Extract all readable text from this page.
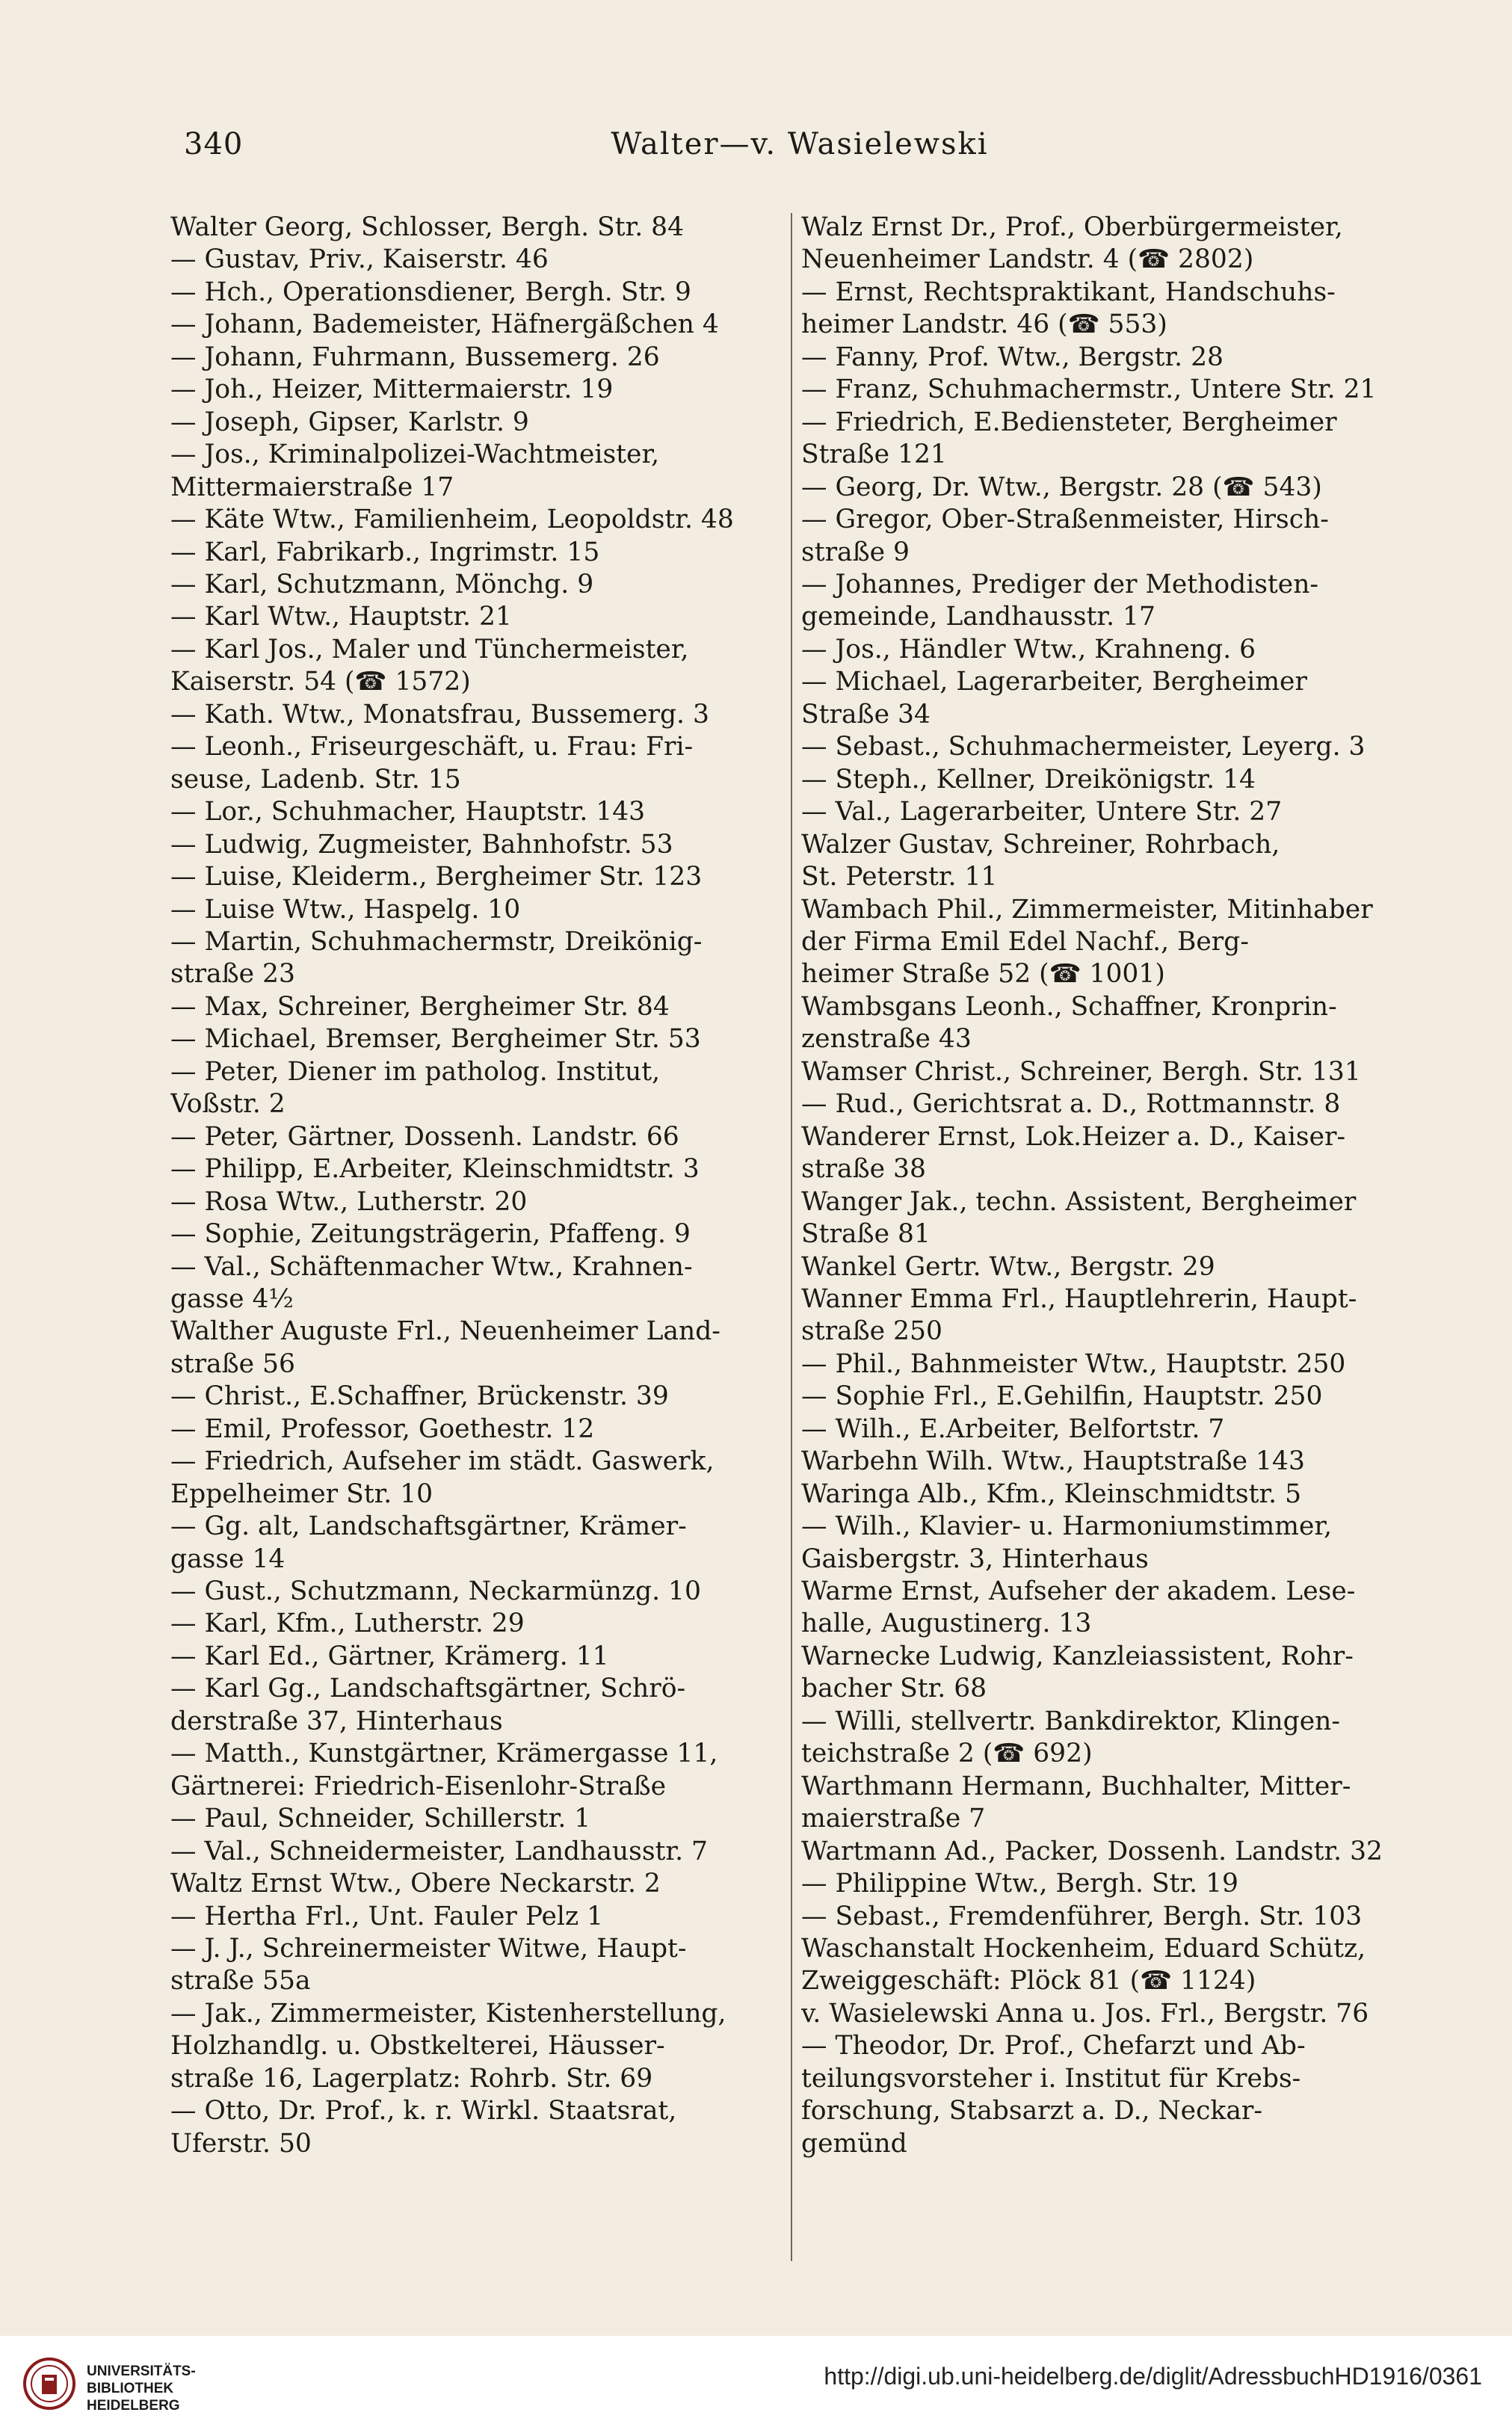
340	Walter—v. Wasielewski
Walter Georg, Schlosser, Bergh. Str. 84
— Gustav, Priv., Kaiserstr. 46
— Hch., Operationsdiener, Bergh. Str. 9
— Johann, Bademeister, Häfnergäßchen 4
— Johann, Fuhrmann, Bussemerg. 26
— Joh., Heizer, Mittermaierstr. 19
— Joseph, Gipser, Karlstr. 9
— Jos., Kriminalpolizei-Wachtmeister,
Mittermaierstraße 17
— Käte Wtw., Familienheim, Leopoldstr. 48
— Karl, Fabrikarb., Ingrimstr. 15
— Karl, Schutzmann, Mönchg. 9
— Karl Wtw., Hauptstr. 21
— Karl Jos., Maler und Tünchermeister,
Kaiserstr. 54 (☎ 1572)
— Kath. Wtw., Monatsfrau, Bussemerg. 3
— Leonh., Friseurgeschäft, u. Frau: Fri-
seuse, Ladenb. Str. 15
— Lor., Schuhmacher, Hauptstr. 143
— Ludwig, Zugmeister, Bahnhofstr. 53
— Luise, Kleiderm., Bergheimer Str. 123
— Luise Wtw., Haspelg. 10
— Martin, Schuhmachermstr, Dreikönig-
straße 23
— Max, Schreiner, Bergheimer Str. 84
— Michael, Bremser, Bergheimer Str. 53
— Peter, Diener im patholog. Institut,
Voßstr. 2
— Peter, Gärtner, Dossenh. Landstr. 66
— Philipp, E.Arbeiter, Kleinschmidtstr. 3
— Rosa Wtw., Lutherstr. 20
— Sophie, Zeitungsträgerin, Pfaffeng. 9
— Val., Schäftenmacher Wtw., Krahnen-
gasse 4½
Walther Auguste Frl., Neuenheimer Land-
straße 56
— Christ., E.Schaffner, Brückenstr. 39
— Emil, Professor, Goethestr. 12
— Friedrich, Aufseher im städt. Gaswerk,
Eppelheimer Str. 10
— Gg. alt, Landschaftsgärtner, Krämer-
gasse 14
— Gust., Schutzmann, Neckarmünzg. 10
— Karl, Kfm., Lutherstr. 29
— Karl Ed., Gärtner, Krämerg. 11
— Karl Gg., Landschaftsgärtner, Schrö-
derstraße 37, Hinterhaus
— Matth., Kunstgärtner, Krämergasse 11,
Gärtnerei: Friedrich-Eisenlohr-Straße
— Paul, Schneider, Schillerstr. 1
— Val., Schneidermeister, Landhausstr. 7
Waltz Ernst Wtw., Obere Neckarstr. 2
— Hertha Frl., Unt. Fauler Pelz 1
— J. J., Schreinermeister Witwe, Haupt-
straße 55a
— Jak., Zimmermeister, Kistenherstellung,
Holzhandlg. u. Obstkelterei, Häusser-
straße 16, Lagerplatz: Rohrb. Str. 69
— Otto, Dr. Prof., k. r. Wirkl. Staatsrat,
Uferstr. 50
Walz Ernst Dr., Prof., Oberbürgermeister,
Neuenheimer Landstr. 4 (☎ 2802)
— Ernst, Rechtspraktikant, Handschuhs-
heimer Landstr. 46 (☎ 553)
— Fanny, Prof. Wtw., Bergstr. 28
— Franz, Schuhmachermstr., Untere Str. 21
— Friedrich, E.Bediensteter, Bergheimer
Straße 121
— Georg, Dr. Wtw., Bergstr. 28 (☎ 543)
— Gregor, Ober-Straßenmeister, Hirsch-
straße 9
— Johannes, Prediger der Methodisten-
gemeinde, Landhausstr. 17
— Jos., Händler Wtw., Krahneng. 6
— Michael, Lagerarbeiter, Bergheimer
Straße 34
— Sebast., Schuhmachermeister, Leyerg. 3
— Steph., Kellner, Dreikönigstr. 14
— Val., Lagerarbeiter, Untere Str. 27
Walzer Gustav, Schreiner, Rohrbach,
St. Peterstr. 11
Wambach Phil., Zimmermeister, Mitinhaber
der Firma Emil Edel Nachf., Berg-
heimer Straße 52 (☎ 1001)
Wambsgans Leonh., Schaffner, Kronprin-
zenstraße 43
Wamser Christ., Schreiner, Bergh. Str. 131
— Rud., Gerichtsrat a. D., Rottmannstr. 8
Wanderer Ernst, Lok.Heizer a. D., Kaiser-
straße 38
Wanger Jak., techn. Assistent, Bergheimer
Straße 81
Wankel Gertr. Wtw., Bergstr. 29
Wanner Emma Frl., Hauptlehrerin, Haupt-
straße 250
— Phil., Bahnmeister Wtw., Hauptstr. 250
— Sophie Frl., E.Gehilfin, Hauptstr. 250
— Wilh., E.Arbeiter, Belfortstr. 7
Warbehn Wilh. Wtw., Hauptstraße 143
Waringa Alb., Kfm., Kleinschmidtstr. 5
— Wilh., Klavier- u. Harmoniumstimmer,
Gaisbergstr. 3, Hinterhaus
Warme Ernst, Aufseher der akadem. Lese-
halle, Augustinerg. 13
Warnecke Ludwig, Kanzleiassistent, Rohr-
bacher Str. 68
— Willi, stellvertr. Bankdirektor, Klingen-
teichstraße 2 (☎ 692)
Warthmann Hermann, Buchhalter, Mitter-
maierstraße 7
Wartmann Ad., Packer, Dossenh. Landstr. 32
— Philippine Wtw., Bergh. Str. 19
— Sebast., Fremdenführer, Bergh. Str. 103
Waschanstalt Hockenheim, Eduard Schütz,
Zweiggeschäft: Plöck 81 (☎ 1124)
v. Wasielewski Anna u. Jos. Frl., Bergstr. 76
— Theodor, Dr. Prof., Chefarzt und Ab-
teilungsvorsteher i. Institut für Krebs-
forschung, Stabsarzt a. D., Neckar-
gemünd
UNIVERSITÄTS-
BIBLIOTHEK
HEIDELBERG
http://digi.ub.uni-heidelberg.de/diglit/AdressbuchHD1916/0361
